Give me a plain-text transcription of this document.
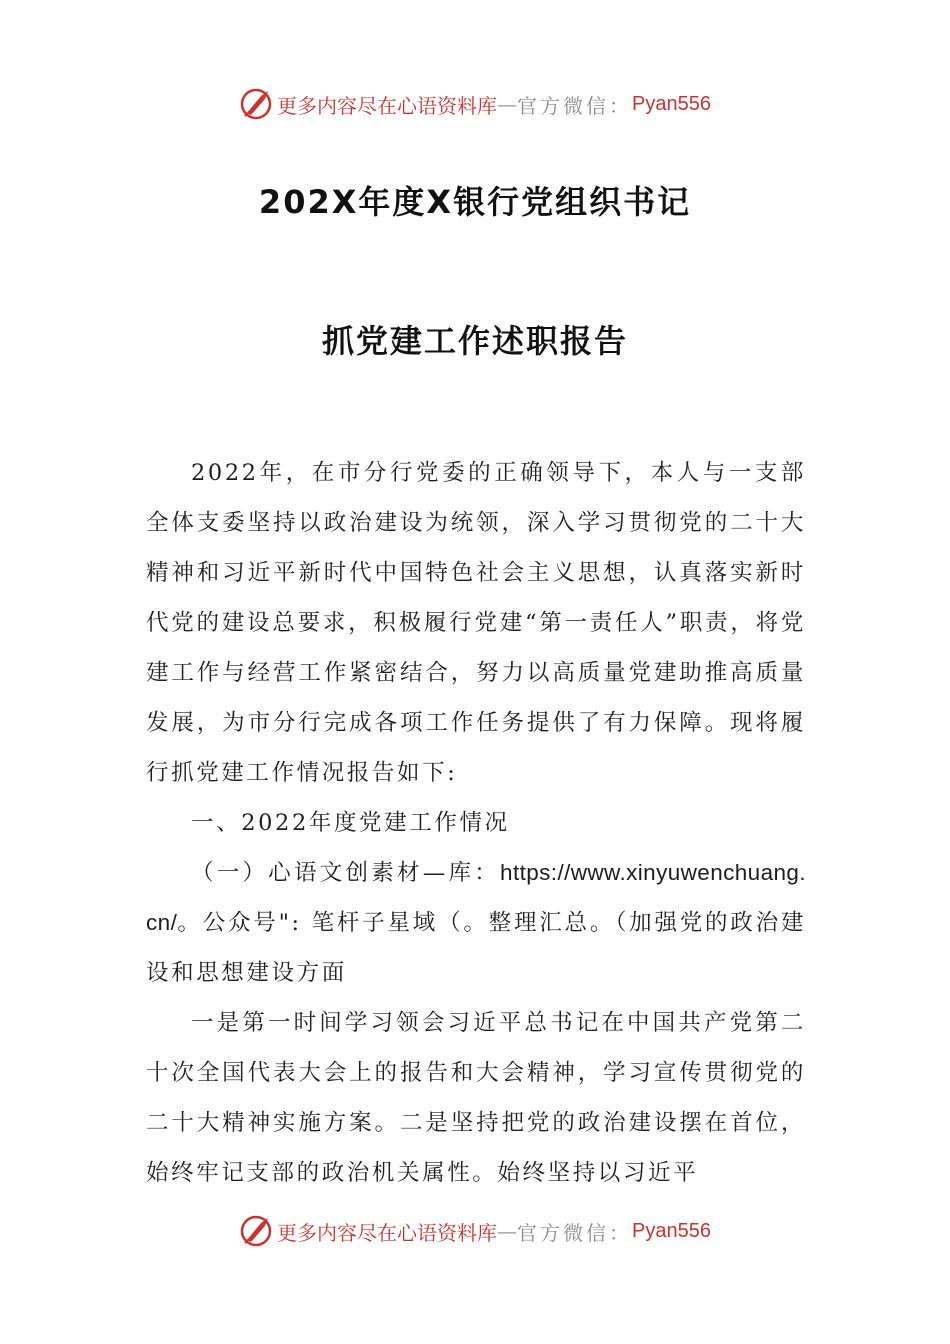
更多内容尽在心语资料库 — 官方微信： Pyan556
202X年度X银行党组织书记
抓党建工作述职报告

2022年，在市分行党委的正确领导下，本人与一支部全体支委坚持以政治建设为统领，深入学习贯彻党的二十大精神和习近平新时代中国特色社会主义思想，认真落实新时代党的建设总要求，积极履行党建“第一责任人”职责，将党建工作与经营工作紧密结合，努力以高质量党建助推高质量发展，为市分行完成各项工作任务提供了有力保障。现将履行抓党建工作情况报告如下:

一、2022年度党建工作情况

（一）心语文创素材—库：https://www.xinyuwenchuang.cn/。公众号": 笔杆子星域（。整理汇总。（加强党的政治建设和思想建设方面

一是第一时间学习领会习近平总书记在中国共产党第二十次全国代表大会上的报告和大会精神，学习宣传贯彻党的二十大精神实施方案。二是坚持把党的政治建设摆在首位，始终牢记支部的政治机关属性。始终坚持以习近平

更多内容尽在心语资料库 — 官方微信： Pyan556
